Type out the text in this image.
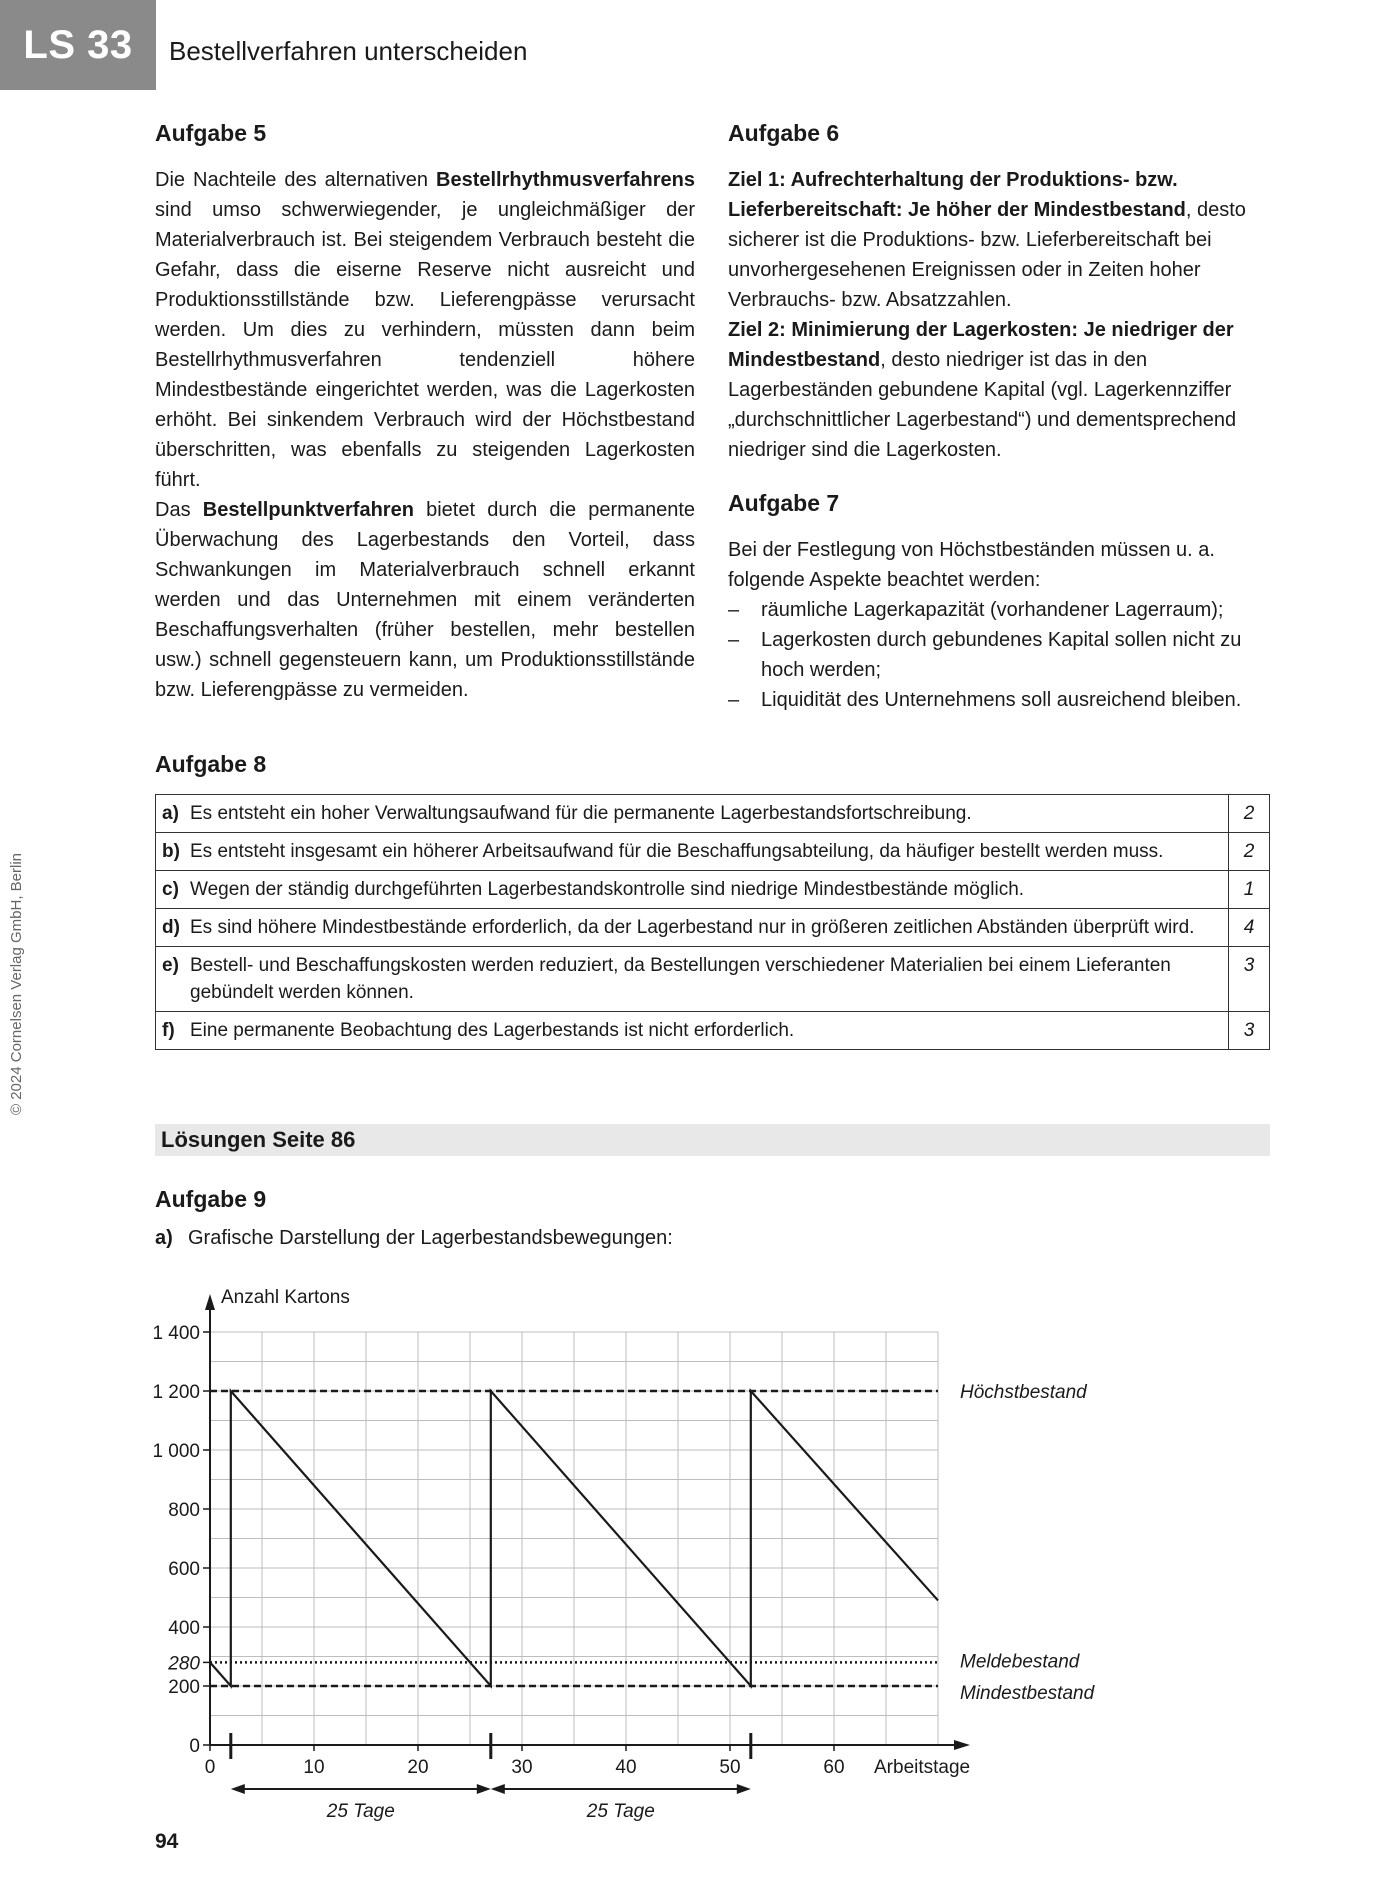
LS 33	Bestellverfahren unterscheiden
© 2024 Cornelsen Verlag GmbH, Berlin
Aufgabe 5

Die Nachteile des alternativen Bestellrhythmusverfahrens sind umso schwerwiegender, je ungleichmäßiger der Materialverbrauch ist. Bei steigendem Verbrauch besteht die Gefahr, dass die eiserne Reserve nicht ausreicht und Produktionsstillstände bzw. Lieferengpässe verursacht werden. Um dies zu verhindern, müssten dann beim Bestellrhythmusverfahren tendenziell höhere Mindestbestände eingerichtet werden, was die Lagerkosten erhöht. Bei sinkendem Verbrauch wird der Höchstbestand überschritten, was ebenfalls zu steigenden Lagerkosten führt.

Das Bestellpunktverfahren bietet durch die permanente Überwachung des Lagerbestands den Vorteil, dass Schwankungen im Materialverbrauch schnell erkannt werden und das Unternehmen mit einem veränderten Beschaffungsverhalten (früher bestellen, mehr bestellen usw.) schnell gegensteuern kann, um Produktionsstillstände bzw. Lieferengpässe zu vermeiden.

Aufgabe 6

Ziel 1: Aufrechterhaltung der Produktions- bzw. Lieferbereitschaft: Je höher der Mindestbestand, desto sicherer ist die Produktions- bzw. Lieferbereitschaft bei unvorhergesehenen Ereignissen oder in Zeiten hoher Verbrauchs- bzw. Absatzzahlen.

Ziel 2: Minimierung der Lagerkosten: Je niedriger der Mindestbestand, desto niedriger ist das in den Lagerbeständen gebundene Kapital (vgl. Lagerkennziffer „durchschnittlicher Lagerbestand“) und dementsprechend niedriger sind die Lagerkosten.

Aufgabe 7

Bei der Festlegung von Höchstbeständen müssen u. a. folgende Aspekte beachtet werden:

– räumliche Lagerkapazität (vorhandener Lagerraum);
– Lagerkosten durch gebundenes Kapital sollen nicht zu hoch werden;
– Liquidität des Unternehmens soll ausreichend bleiben.
Aufgabe 8
a) Es entsteht ein hoher Verwaltungsaufwand für die permanente Lagerbestandsfortschreibung.	2

b) Es entsteht insgesamt ein höherer Arbeitsaufwand für die Beschaffungsabteilung, da häufiger bestellt werden muss.	2

c) Wegen der ständig durchgeführten Lagerbestandskontrolle sind niedrige Mindestbestände möglich.	1

d) Es sind höhere Mindestbestände erforderlich, da der Lagerbestand nur in größeren zeitlichen Abständen überprüft wird.	4

e) Bestell- und Beschaffungskosten werden reduziert, da Bestellungen verschiedener Materialien bei einem Lieferanten gebündelt werden können.	3

f) Eine permanente Beobachtung des Lagerbestands ist nicht erforderlich.	3
Lösungen Seite 86
Aufgabe 9
a) Grafische Darstellung der Lagerbestandsbewegungen:
Anzahl Kartons
Arbeitstage
0
200
400
600
800
1 000
1 200
1 400
280
0	10	20	30	40	50	60
Höchstbestand
Meldebestand
Mindestbestand
25 Tage	25 Tage
94
